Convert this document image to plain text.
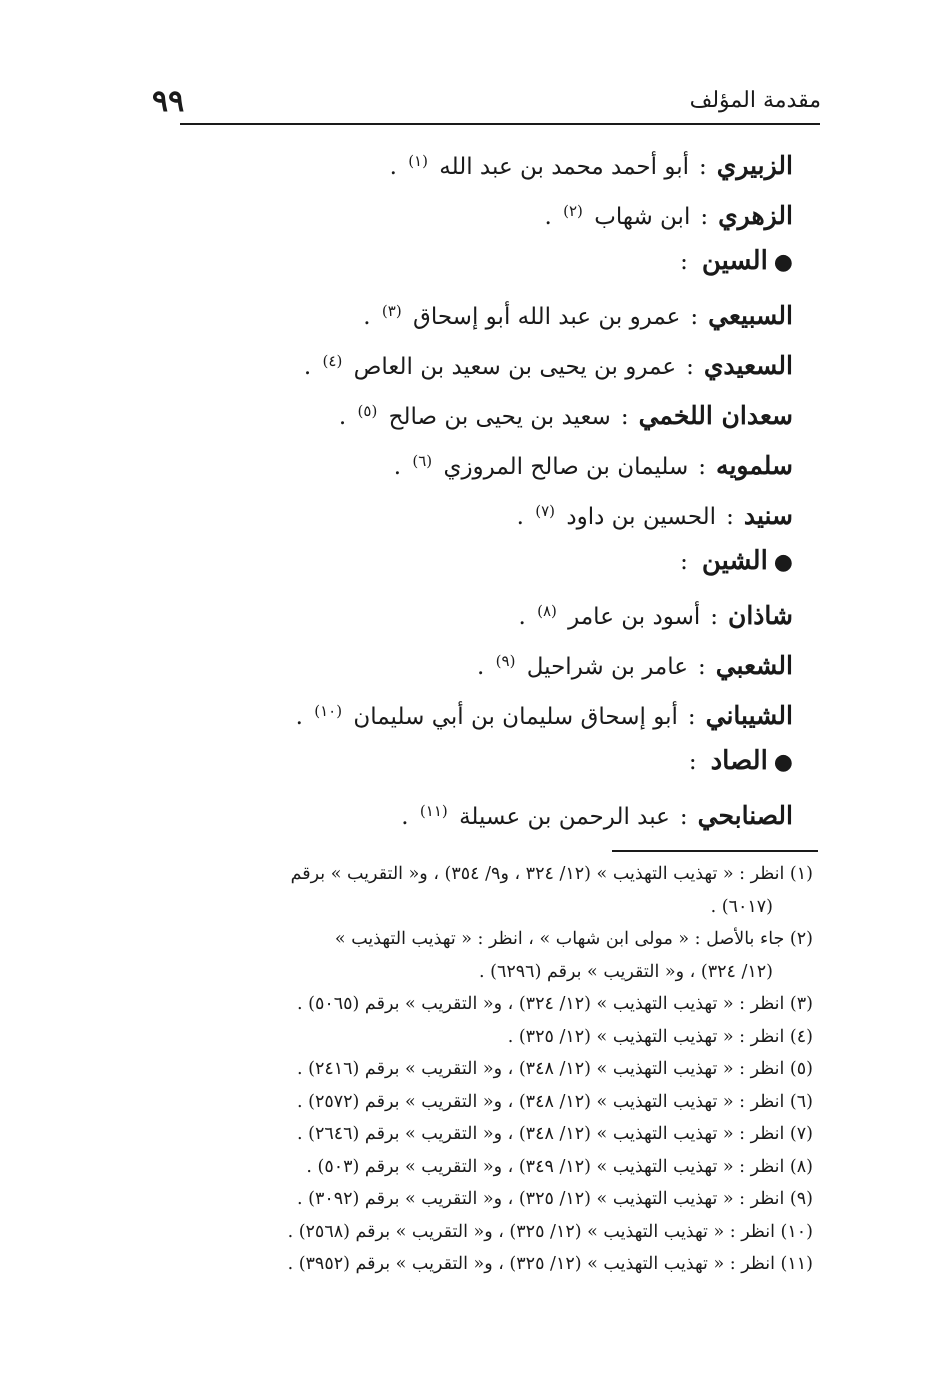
٩٩	مقدمة المؤلف
الزبيري:أبو أحمد محمد بن عبد الله $^{(١)}$ .
الزهري:ابن شهاب $^{(٢)}$ .
●السين:
السبيعي:عمرو بن عبد الله أبو إسحاق $^{(٣)}$ .
السعيدي:عمرو بن يحيى بن سعيد بن العاص $^{(٤)}$ .
سعدان اللخمي:سعيد بن يحيى بن صالح $^{(٥)}$ .
سلمويه:سليمان بن صالح المروزي $^{(٦)}$ .
سنيد:الحسين بن داود $^{(٧)}$ .
●الشين:
شاذان:أسود بن عامر $^{(٨)}$ .
الشعبي:عامر بن شراحيل $^{(٩)}$ .
الشيباني:أبو إسحاق سليمان بن أبي سليمان $^{(١٠)}$ .
●الصاد:
الصنابحي:عبد الرحمن بن عسيلة $^{(١١)}$ .
(١) انظر : « تهذيب التهذيب » (١٢/ ٣٢٤ ، و٩/ ٣٥٤) ، و« التقريب » برقم
(٦٠١٧) .
(٢) جاء بالأصل : « مولى ابن شهاب » ، انظر : « تهذيب التهذيب »
(١٢/ ٣٢٤) ، و« التقريب » برقم (٦٢٩٦) .
(٣) انظر : « تهذيب التهذيب » (١٢/ ٣٢٤) ، و« التقريب » برقم (٥٠٦٥) .
(٤) انظر : « تهذيب التهذيب » (١٢/ ٣٢٥) .
(٥) انظر : « تهذيب التهذيب » (١٢/ ٣٤٨) ، و« التقريب » برقم (٢٤١٦) .
(٦) انظر : « تهذيب التهذيب » (١٢/ ٣٤٨) ، و« التقريب » برقم (٢٥٧٢) .
(٧) انظر : « تهذيب التهذيب » (١٢/ ٣٤٨) ، و« التقريب » برقم (٢٦٤٦) .
(٨) انظر : « تهذيب التهذيب » (١٢/ ٣٤٩) ، و« التقريب » برقم (٥٠٣) .
(٩) انظر : « تهذيب التهذيب » (١٢/ ٣٢٥) ، و« التقريب » برقم (٣٠٩٢) .
(١٠) انظر : « تهذيب التهذيب » (١٢/ ٣٢٥) ، و« التقريب » برقم (٢٥٦٨) .
(١١) انظر : « تهذيب التهذيب » (١٢/ ٣٢٥) ، و« التقريب » برقم (٣٩٥٢) .
